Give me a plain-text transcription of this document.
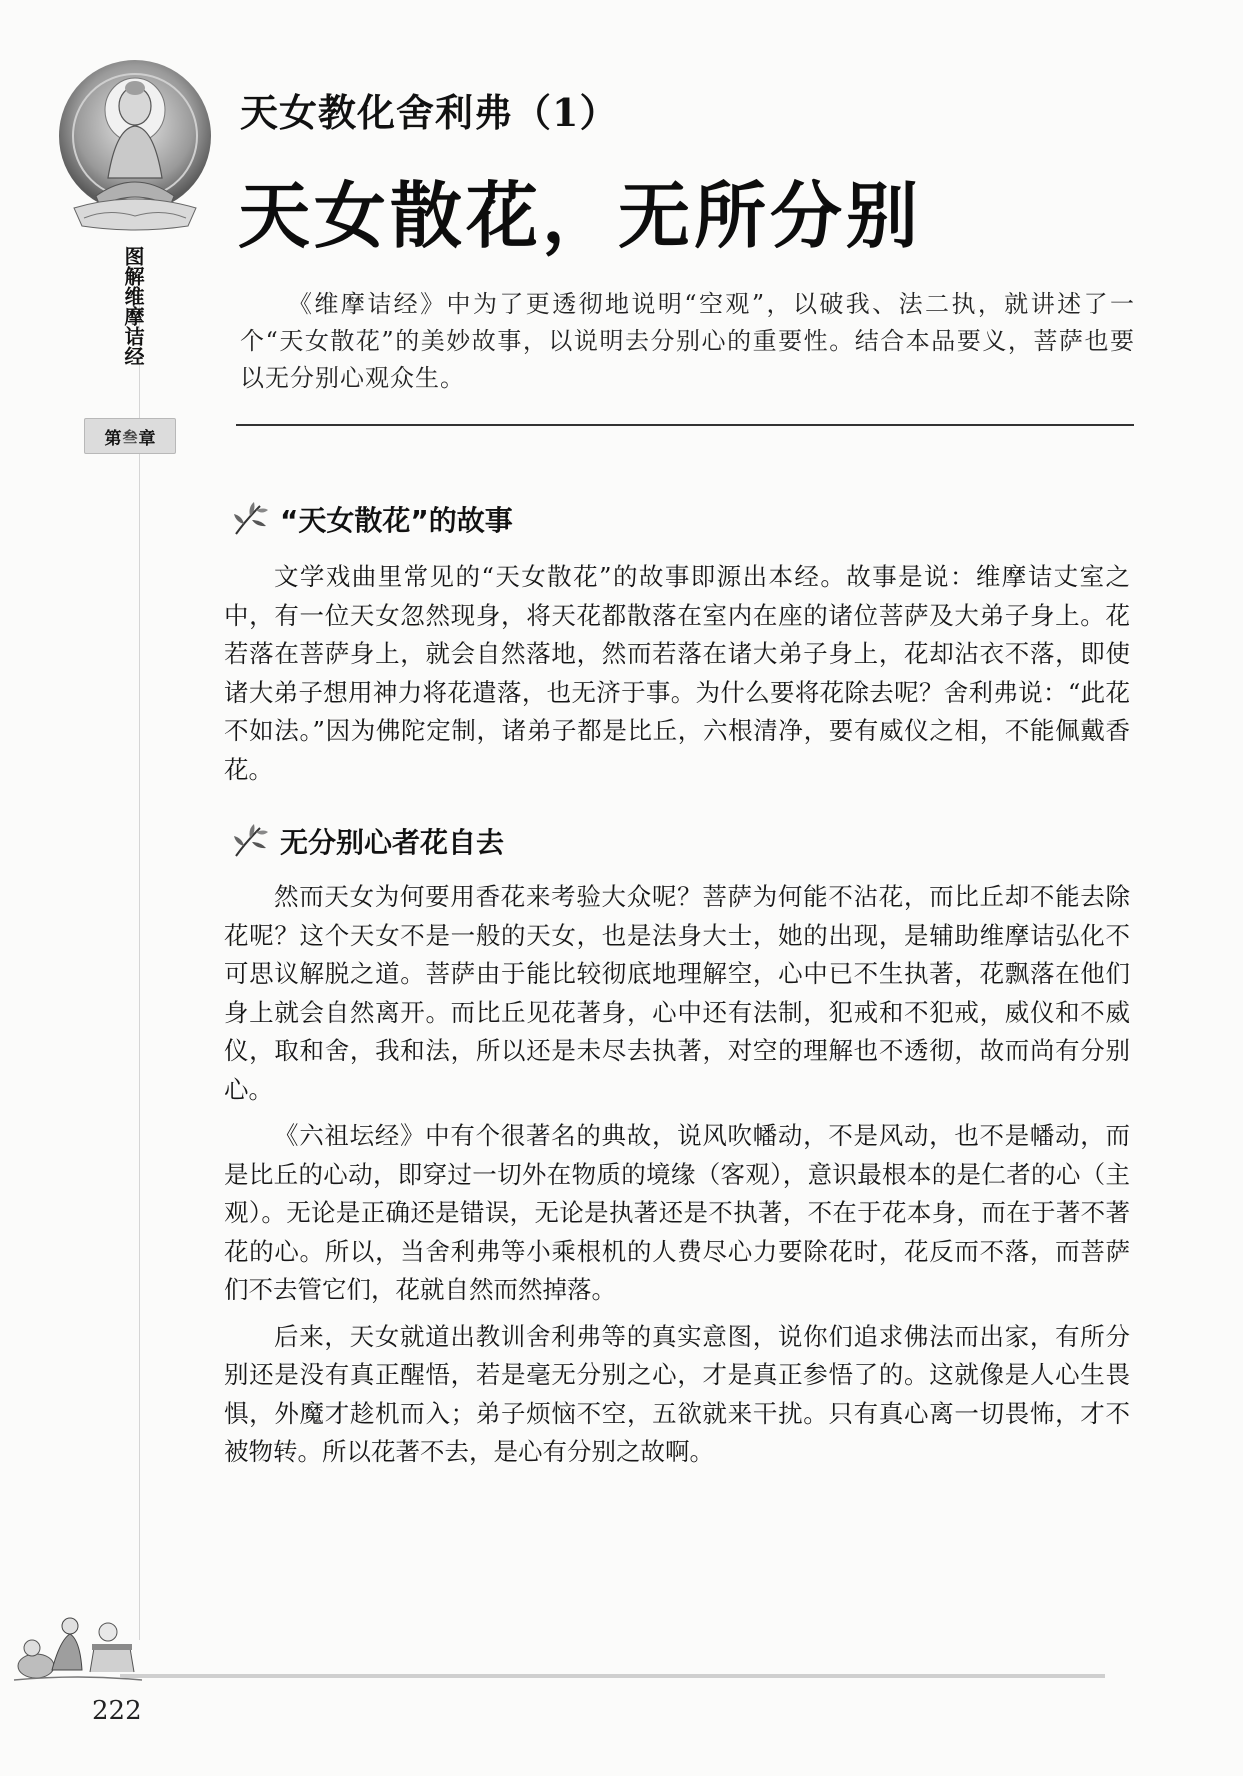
图解维摩诘经
第 叁 章
天女教化舍利弗（1）
天女散花，无所分别
《维摩诘经》中为了更透彻地说明“空观”，以破我、法二执，就讲述了一个“天女散花”的美妙故事，以说明去分别心的重要性。结合本品要义，菩萨也要以无分别心观众生。
“天女散花”的故事

文学戏曲里常见的“天女散花”的故事即源出本经。故事是说：维摩诘丈室之中，有一位天女忽然现身，将天花都散落在室内在座的诸位菩萨及大弟子身上。花若落在菩萨身上，就会自然落地，然而若落在诸大弟子身上，花却沾衣不落，即使诸大弟子想用神力将花遣落，也无济于事。为什么要将花除去呢？舍利弗说：“此花不如法。”因为佛陀定制，诸弟子都是比丘，六根清净，要有威仪之相，不能佩戴香花。

无分别心者花自去

然而天女为何要用香花来考验大众呢？菩萨为何能不沾花，而比丘却不能去除花呢？这个天女不是一般的天女，也是法身大士，她的出现，是辅助维摩诘弘化不可思议解脱之道。菩萨由于能比较彻底地理解空，心中已不生执著，花飘落在他们身上就会自然离开。而比丘见花著身，心中还有法制，犯戒和不犯戒，威仪和不威仪，取和舍，我和法，所以还是未尽去执著，对空的理解也不透彻，故而尚有分别心。

《六祖坛经》中有个很著名的典故，说风吹幡动，不是风动，也不是幡动，而是比丘的心动，即穿过一切外在物质的境缘（客观），意识最根本的是仁者的心（主观）。无论是正确还是错误，无论是执著还是不执著，不在于花本身，而在于著不著花的心。所以，当舍利弗等小乘根机的人费尽心力要除花时，花反而不落，而菩萨们不去管它们，花就自然而然掉落。

后来，天女就道出教训舍利弗等的真实意图，说你们追求佛法而出家，有所分别还是没有真正醒悟，若是毫无分别之心，才是真正参悟了的。这就像是人心生畏惧，外魔才趁机而入；弟子烦恼不空，五欲就来干扰。只有真心离一切畏怖，才不被物转。所以花著不去，是心有分别之故啊。

222
